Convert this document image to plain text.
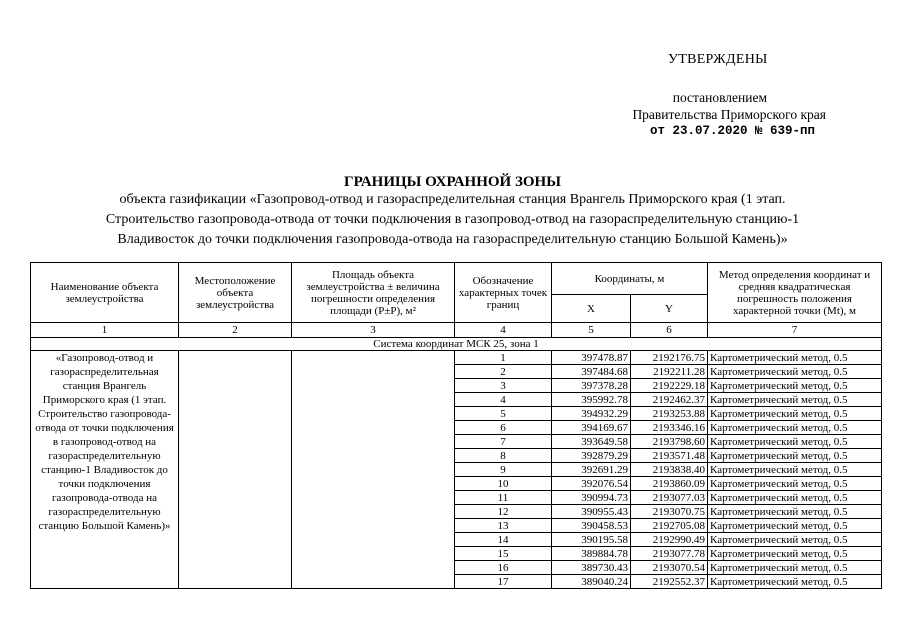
УТВЕРЖДЕНЫ
постановлением
Правительства Приморского края
от 23.07.2020 № 639-пп
ГРАНИЦЫ ОХРАННОЙ ЗОНЫ
объекта газификации «Газопровод-отвод и газораспределительная станция Врангель Приморского края (1 этап.
Строительство газопровода-отвода от точки подключения в газопровод-отвод на газораспределительную станцию-1
Владивосток до точки подключения газопровода-отвода на газораспределительную станцию Большой Камень)»
Наименование объекта землеустройства	Местоположение объекта землеустройства	Площадь объекта землеустройства ± величина погрешности определения площади (P±P), м²	Обозначение характерных точек границ	Координаты, м		Метод определения координат и средняя квадратическая погрешность положения характерной точки (Mt), м
				X	Y	
1	2	3	4	5	6	7
Система координат МСК 25, зона 1						
«Газопровод-отвод и газораспределительная станция Врангель Приморского края (1 этап. Строительство газопровода-отвода от точки подключения в газопровод-отвод на газораспределительную станцию-1 Владивосток до точки подключения газопровода-отвода на газораспределительную станцию Большой Камень)»			1	397478.87	2192176.75	Картометрический метод, 0.5
			2	397484.68	2192211.28	Картометрический метод, 0.5
			3	397378.28	2192229.18	Картометрический метод, 0.5
			4	395992.78	2192462.37	Картометрический метод, 0.5
			5	394932.29	2193253.88	Картометрический метод, 0.5
			6	394169.67	2193346.16	Картометрический метод, 0.5
			7	393649.58	2193798.60	Картометрический метод, 0.5
			8	392879.29	2193571.48	Картометрический метод, 0.5
			9	392691.29	2193838.40	Картометрический метод, 0.5
			10	392076.54	2193860.09	Картометрический метод, 0.5
			11	390994.73	2193077.03	Картометрический метод, 0.5
			12	390955.43	2193070.75	Картометрический метод, 0.5
			13	390458.53	2192705.08	Картометрический метод, 0.5
			14	390195.58	2192990.49	Картометрический метод, 0.5
			15	389884.78	2193077.78	Картометрический метод, 0.5
			16	389730.43	2193070.54	Картометрический метод, 0.5
			17	389040.24	2192552.37	Картометрический метод, 0.5
